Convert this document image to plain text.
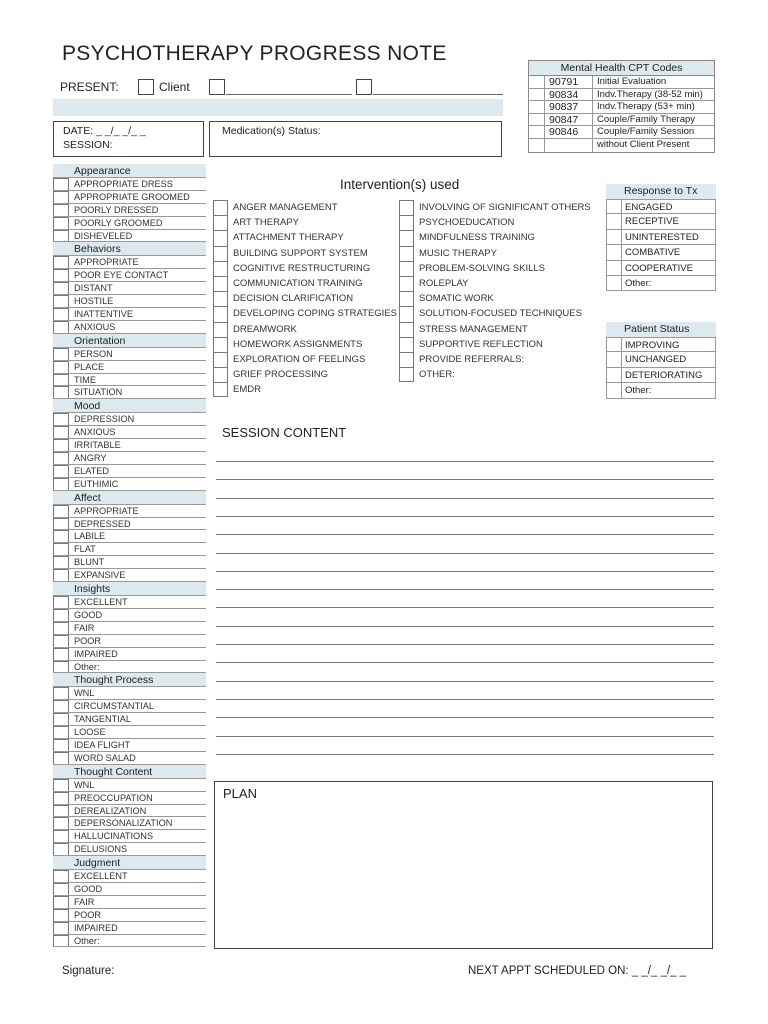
PSYCHOTHERAPY PROGRESS NOTE
PRESENT:	Client
DATE: _ _/_ _/_ _
SESSION:
Medication(s) Status:
Mental Health CPT Codes
90791	Initial Evaluation
90834	Indv.Therapy (38-52 min)
90837	Indv.Therapy (53+ min)
90847	Couple/Family Therapy
90846	Couple/Family Session
without Client Present
Appearance
APPROPRIATE DRESS
APPROPRIATE GROOMED
POORLY DRESSED
POORLY GROOMED
DISHEVELED
Behaviors
APPROPRIATE
POOR EYE CONTACT
DISTANT
HOSTILE
INATTENTIVE
ANXIOUS
Orientation
PERSON
PLACE
TIME
SITUATION
Mood
DEPRESSION
ANXIOUS
IRRITABLE
ANGRY
ELATED
EUTHIMIC
Affect
APPROPRIATE
DEPRESSED
LABILE
FLAT
BLUNT
EXPANSIVE
Insights
EXCELLENT
GOOD
FAIR
POOR
IMPAIRED
Other:
Thought Process
WNL
CIRCUMSTANTIAL
TANGENTIAL
LOOSE
IDEA FLIGHT
WORD SALAD
Thought Content
WNL
PREOCCUPATION
DEREALIZATION
DEPERSONALIZATION
HALLUCINATIONS
DELUSIONS
Judgment
EXCELLENT
GOOD
FAIR
POOR
IMPAIRED
Other:
Intervention(s) used
ANGER MANAGEMENT
ART THERAPY
ATTACHMENT THERAPY
BUILDING SUPPORT SYSTEM
COGNITIVE RESTRUCTURING
COMMUNICATION TRAINING
DECISION CLARIFICATION
DEVELOPING COPING STRATEGIES
DREAMWORK
HOMEWORK ASSIGNMENTS
EXPLORATION OF FEELINGS
GRIEF PROCESSING
EMDR
INVOLVING OF SIGNIFICANT OTHERS
PSYCHOEDUCATION
MINDFULNESS TRAINING
MUSIC THERAPY
PROBLEM-SOLVING SKILLS
ROLEPLAY
SOMATIC WORK
SOLUTION-FOCUSED TECHNIQUES
STRESS MANAGEMENT
SUPPORTIVE REFLECTION
PROVIDE REFERRALS:
OTHER:
Response to Tx
ENGAGED
RECEPTIVE
UNINTERESTED
COMBATIVE
COOPERATIVE
Other:
Patient Status
IMPROVING
UNCHANGED
DETERIORATING
Other:
SESSION CONTENT
PLAN
Signature:	NEXT APPT SCHEDULED ON: _ _/_ _/_ _
